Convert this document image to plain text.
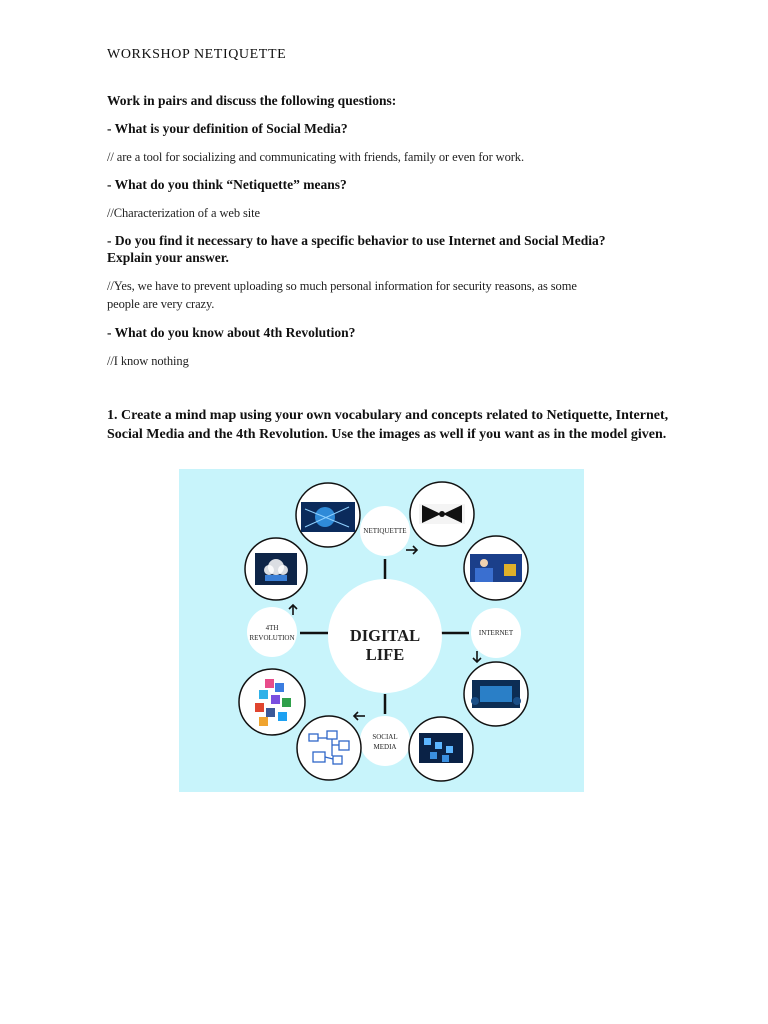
WORKSHOP NETIQUETTE
Work in pairs and discuss the following questions:
- What is your definition of Social Media?
// are a tool for socializing and communicating with friends, family or even for work.
- What do you think “Netiquette” means?
//Characterization of a web site
- Do you find it necessary to have a specific behavior to use Internet and Social Media?
Explain your answer.
//Yes, we have to prevent uploading so much personal information for security reasons, as some
people are very crazy.
- What do you know about 4th Revolution?
//I know nothing
1. Create a mind map using your own vocabulary and concepts related to Netiquette, Internet,
Social Media and the 4th Revolution. Use the images as well if you want as in the model given.
DIGITAL
LIFE
NETIQUETTE
INTERNET
SOCIAL
MEDIA
4TH
REVOLUTION
